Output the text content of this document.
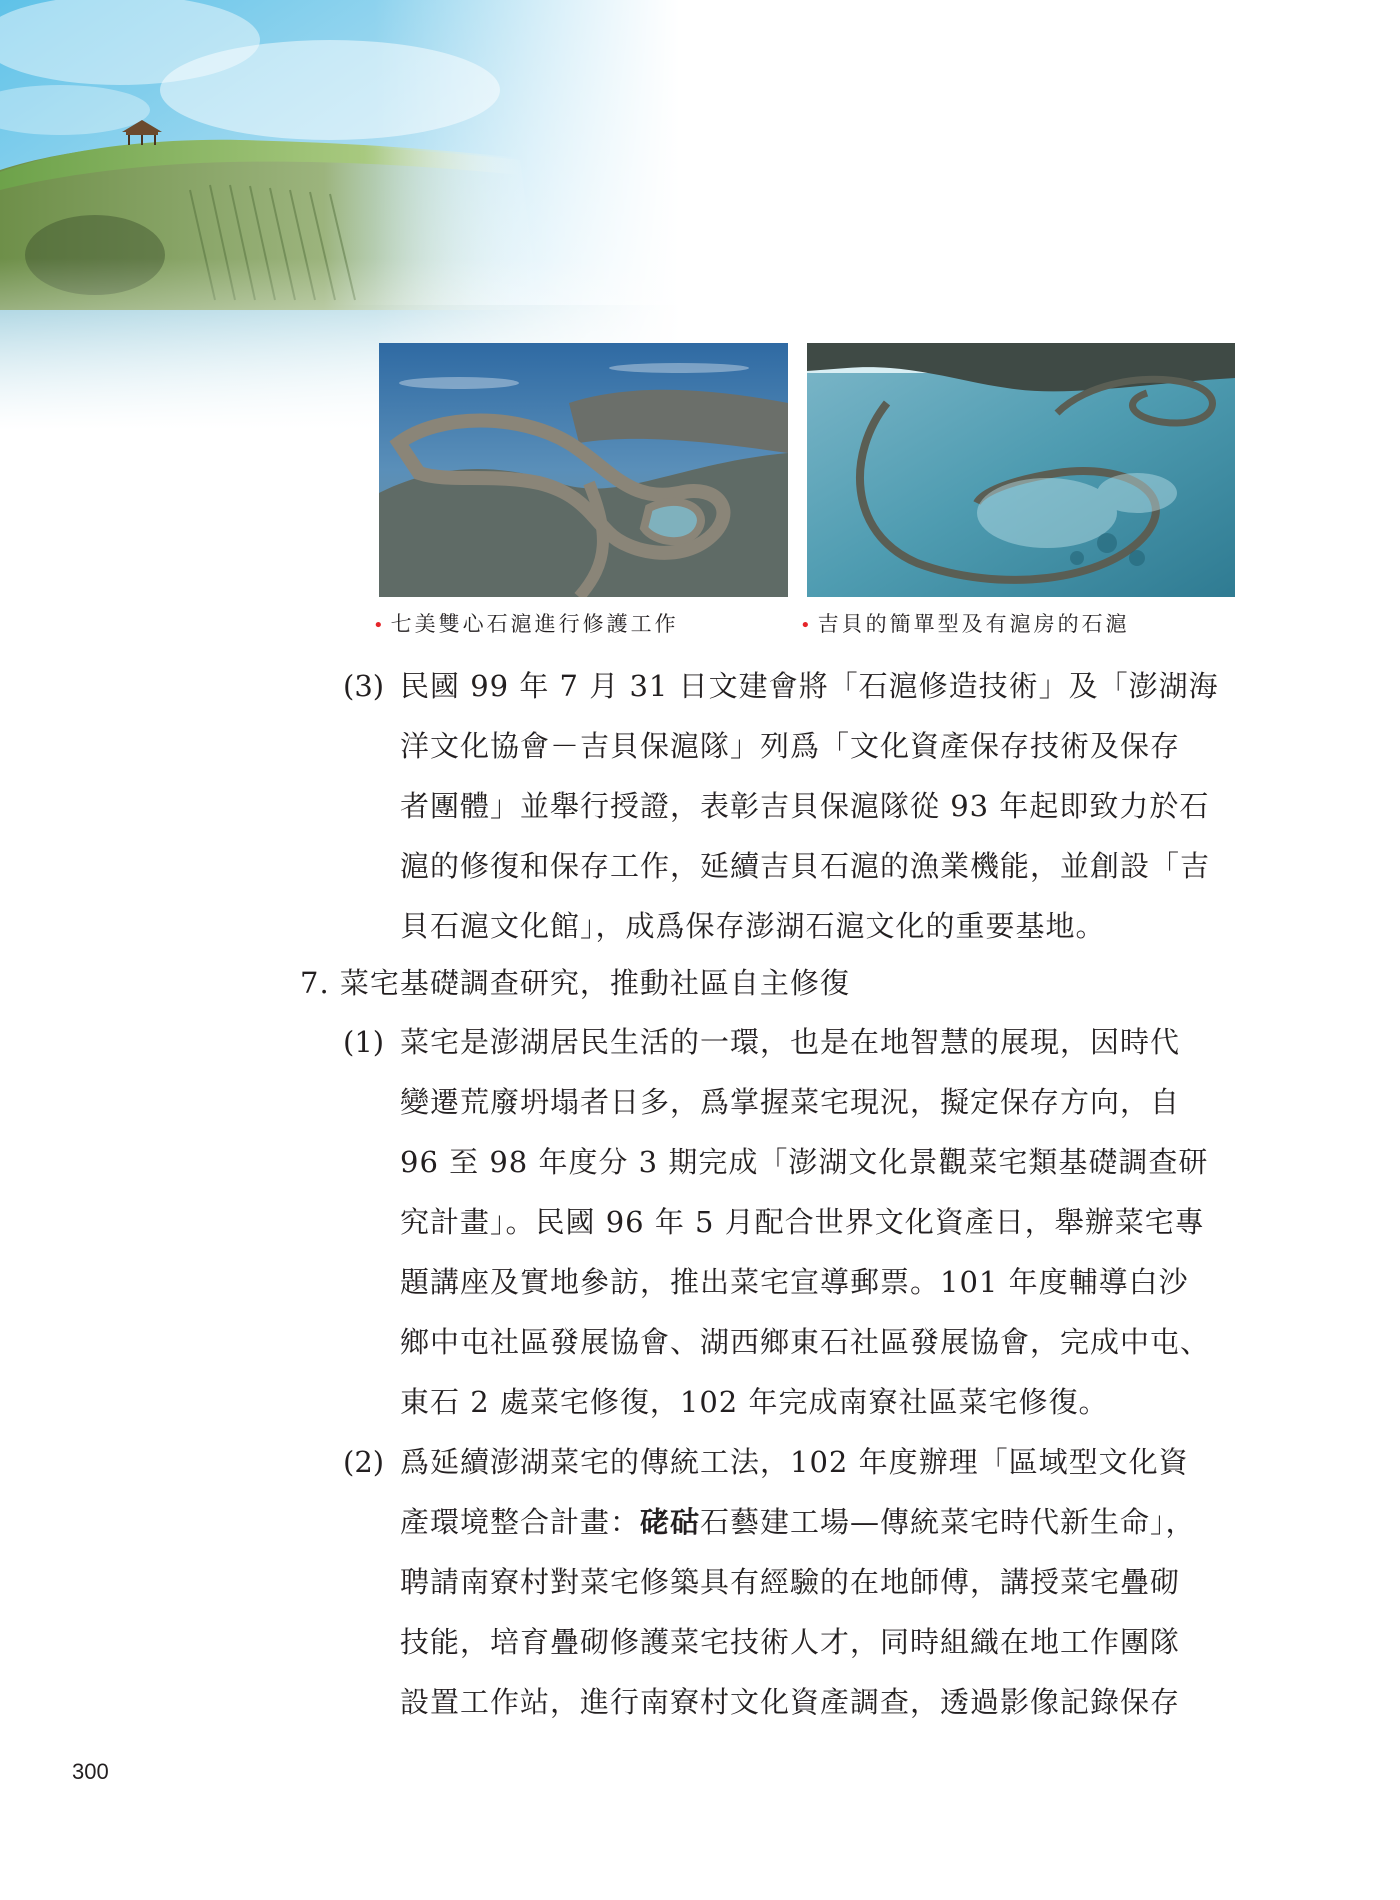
• 七美雙心石滬進行修護工作	• 吉貝的簡單型及有滬房的石滬
(3) 民國 99 年 7 月 31 日文建會將「石滬修造技術」及「澎湖海
洋文化協會－吉貝保滬隊」列爲「文化資產保存技術及保存
者團體」並舉行授證，表彰吉貝保滬隊從 93 年起即致力於石
滬的修復和保存工作，延續吉貝石滬的漁業機能，並創設「吉
貝石滬文化館」，成爲保存澎湖石滬文化的重要基地。
7. 菜宅基礎調查研究，推動社區自主修復
(1) 菜宅是澎湖居民生活的一環，也是在地智慧的展現，因時代
變遷荒廢坍塌者日多，爲掌握菜宅現況，擬定保存方向，自
96 至 98 年度分 3 期完成「澎湖文化景觀菜宅類基礎調查研
究計畫」。民國 96 年 5 月配合世界文化資產日，舉辦菜宅專
題講座及實地參訪，推出菜宅宣導郵票。101 年度輔導白沙
鄉中屯社區發展協會、湖西鄉東石社區發展協會，完成中屯、
東石 2 處菜宅修復，102 年完成南寮社區菜宅修復。
(2) 爲延續澎湖菜宅的傳統工法，102 年度辦理「區域型文化資
產環境整合計畫：硓𥑮石藝建工場—傳統菜宅時代新生命」，
聘請南寮村對菜宅修築具有經驗的在地師傅，講授菜宅疊砌
技能，培育疊砌修護菜宅技術人才，同時組織在地工作團隊
設置工作站，進行南寮村文化資產調查，透過影像記錄保存
300
